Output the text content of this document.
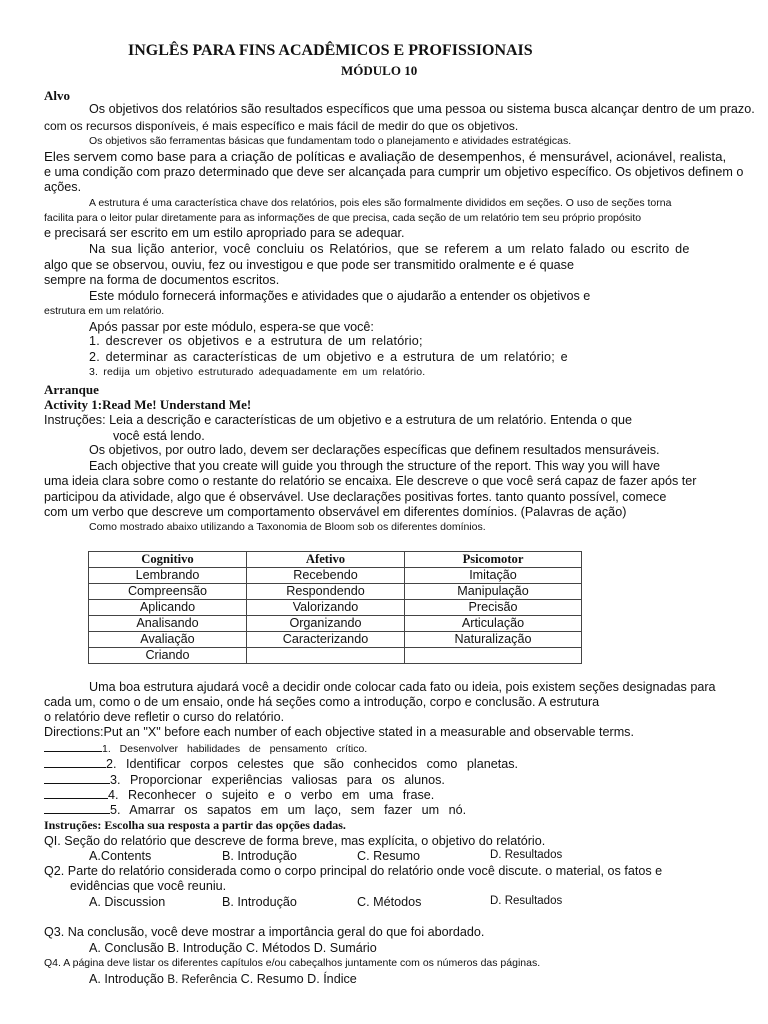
INGLÊS PARA FINS ACADÊMICOS E PROFISSIONAIS
MÓDULO 10
Alvo
Os objetivos dos relatórios são resultados específicos que uma pessoa ou sistema busca alcançar dentro de um prazo.
com os recursos disponíveis, é mais específico e mais fácil de medir do que os objetivos.
Os objetivos são ferramentas básicas que fundamentam todo o planejamento e atividades estratégicas.
Eles servem como base para a criação de políticas e avaliação de desempenhos, é mensurável, acionável, realista,
e uma condição com prazo determinado que deve ser alcançada para cumprir um objetivo específico. Os objetivos definem o
ações.
A estrutura é uma característica chave dos relatórios, pois eles são formalmente divididos em seções. O uso de seções torna
facilita para o leitor pular diretamente para as informações de que precisa, cada seção de um relatório tem seu próprio propósito
e precisará ser escrito em um estilo apropriado para se adequar.
Na sua lição anterior, você concluiu os Relatórios, que se referem a um relato falado ou escrito de
algo que se observou, ouviu, fez ou investigou e que pode ser transmitido oralmente e é quase
sempre na forma de documentos escritos.
Este módulo fornecerá informações e atividades que o ajudarão a entender os objetivos e
estrutura em um relatório.
Após passar por este módulo, espera-se que você:
1. descrever os objetivos e a estrutura de um relatório;
2. determinar as características de um objetivo e a estrutura de um relatório; e
3. redija um objetivo estruturado adequadamente em um relatório.
Arranque
Activity 1:Read Me! Understand Me!
Instruções: Leia a descrição e características de um objetivo e a estrutura de um relatório. Entenda o que
você está lendo.
Os objetivos, por outro lado, devem ser declarações específicas que definem resultados mensuráveis.
Each objective that you create will guide you through the structure of the report. This way you will have
uma ideia clara sobre como o restante do relatório se encaixa. Ele descreve o que você será capaz de fazer após ter
participou da atividade, algo que é observável. Use declarações positivas fortes. tanto quanto possível, comece
com um verbo que descreve um comportamento observável em diferentes domínios. (Palavras de ação)
Como mostrado abaixo utilizando a Taxonomia de Bloom sob os diferentes domínios.
Cognitivo	Afetivo	Psicomotor
Lembrando	Recebendo	Imitação
Compreensão	Respondendo	Manipulação
Aplicando	Valorizando	Precisão
Analisando	Organizando	Articulação
Avaliação	Caracterizando	Naturalização
Criando		
Uma boa estrutura ajudará você a decidir onde colocar cada fato ou ideia, pois existem seções designadas para
cada um, como o de um ensaio, onde há seções como a introdução, corpo e conclusão. A estrutura
o relatório deve refletir o curso do relatório.
Directions:Put an "X" before each number of each objective stated in a measurable and observable terms.
1. Desenvolver habilidades de pensamento crítico.
2. Identificar corpos celestes que são conhecidos como planetas.
3. Proporcionar experiências valiosas para os alunos.
4. Reconhecer o sujeito e o verbo em uma frase.
5. Amarrar os sapatos em um laço, sem fazer um nó.
Instruções: Escolha sua resposta a partir das opções dadas.
QI. Seção do relatório que descreve de forma breve, mas explícita, o objetivo do relatório.
A.Contents	B. Introdução	C. Resumo	D. Resultados
Q2. Parte do relatório considerada como o corpo principal do relatório onde você discute. o material, os fatos e
evidências que você reuniu.
A. Discussion	B. Introdução	C. Métodos	D. Resultados
Q3. Na conclusão, você deve mostrar a importância geral do que foi abordado.
A. Conclusão B. Introdução C. Métodos D. Sumário
Q4. A página deve listar os diferentes capítulos e/ou cabeçalhos juntamente com os números das páginas.
A. Introdução B. Referência C. Resumo D. Índice
